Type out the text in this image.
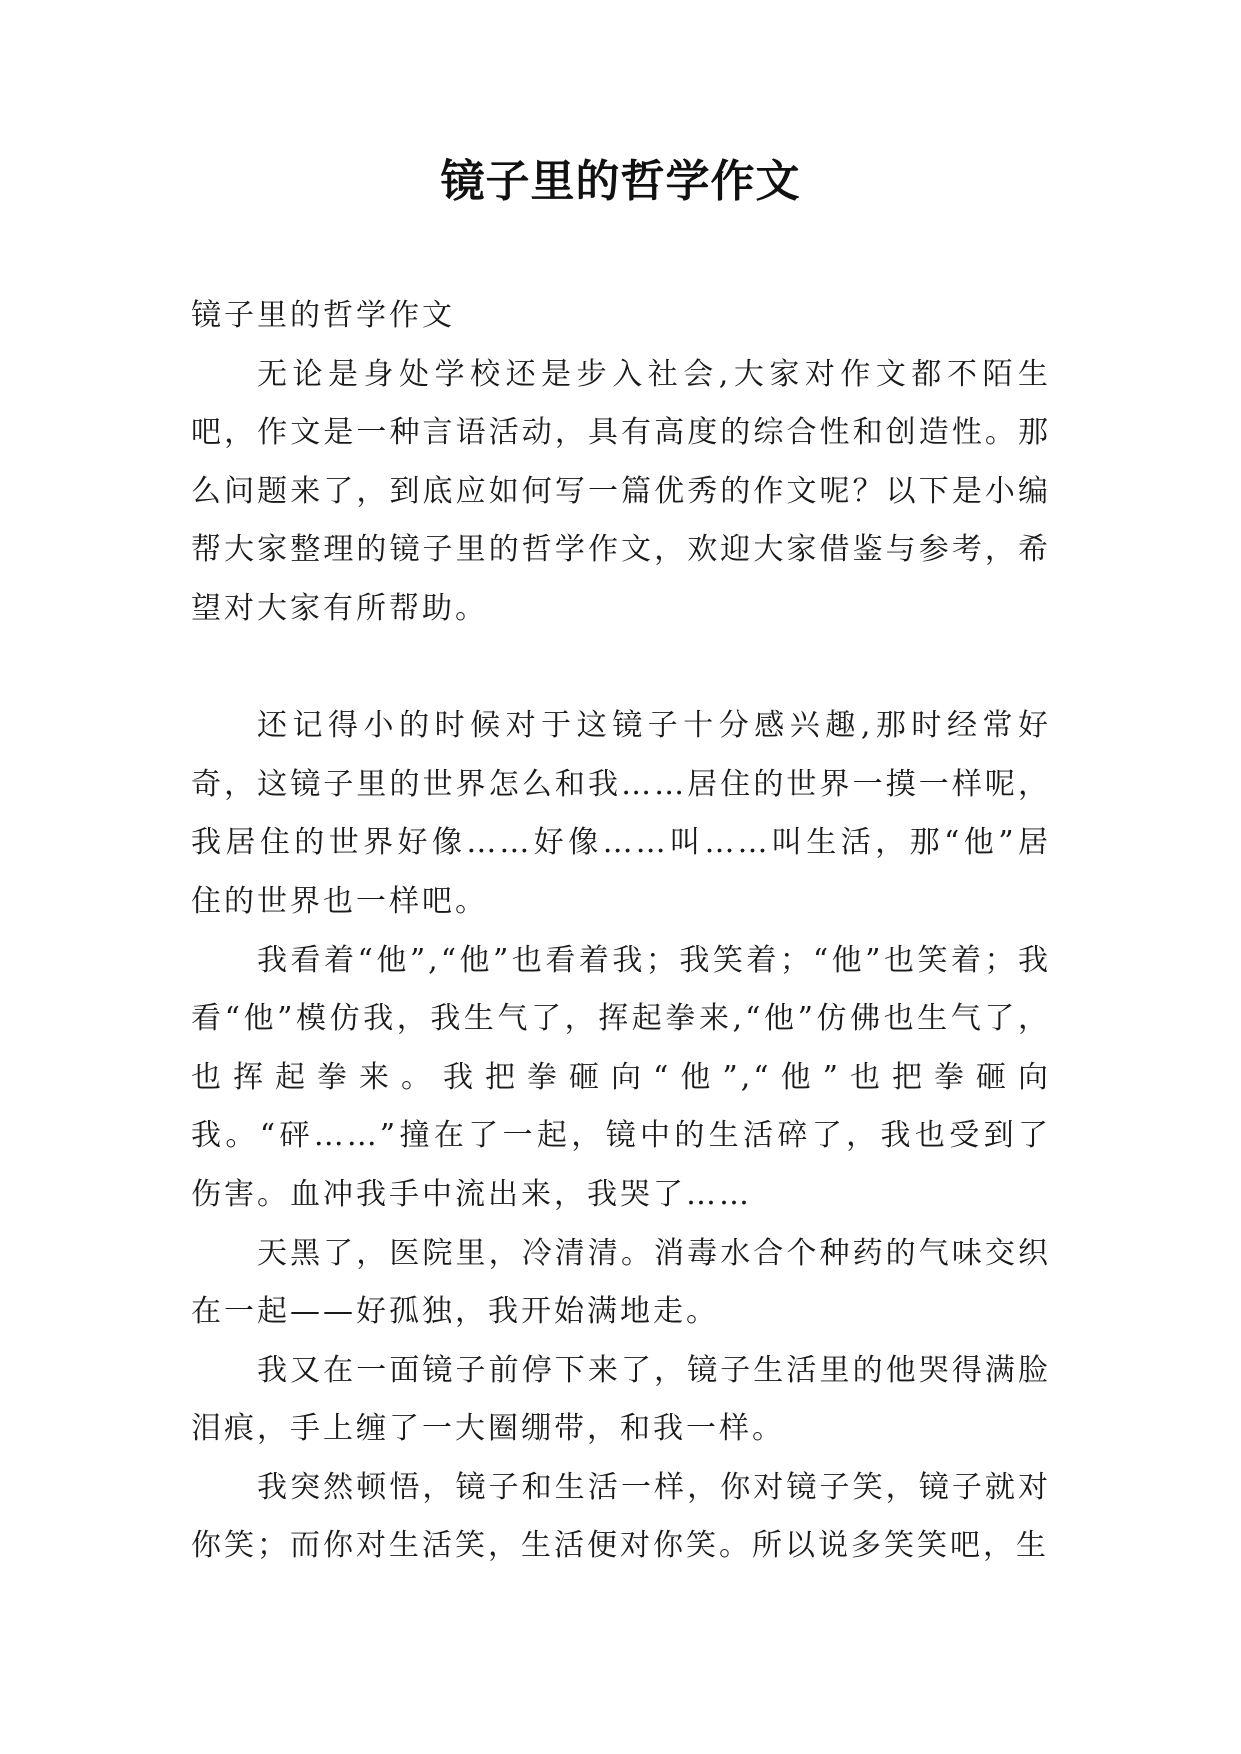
镜子里的哲学作文

镜子里的哲学作文

无论是身处学校还是步入社会,大家对作文都不陌生吧，作文是一种言语活动，具有高度的综合性和创造性。那么问题来了，到底应如何写一篇优秀的作文呢？以下是小编帮大家整理的镜子里的哲学作文，欢迎大家借鉴与参考，希望对大家有所帮助。

还记得小的时候对于这镜子十分感兴趣,那时经常好奇，这镜子里的世界怎么和我……居住的世界一摸一样呢，我居住的世界好像……好像……叫……叫生活，那“他”居住的世界也一样吧。

我看着“他”,“他”也看着我；我笑着；“他”也笑着；我看“他”模仿我，我生气了，挥起拳来,“他”仿佛也生气了，也挥起拳来。我把拳砸向“他”,“他”也把拳砸向我。“砰……”撞在了一起，镜中的生活碎了，我也受到了伤害。血冲我手中流出来，我哭了……

天黑了，医院里，冷清清。消毒水合个种药的气味交织在一起——好孤独，我开始满地走。

我又在一面镜子前停下来了，镜子生活里的他哭得满脸泪痕，手上缠了一大圈绷带，和我一样。

我突然顿悟，镜子和生活一样，你对镜子笑，镜子就对你笑；而你对生活笑，生活便对你笑。所以说多笑笑吧，生
